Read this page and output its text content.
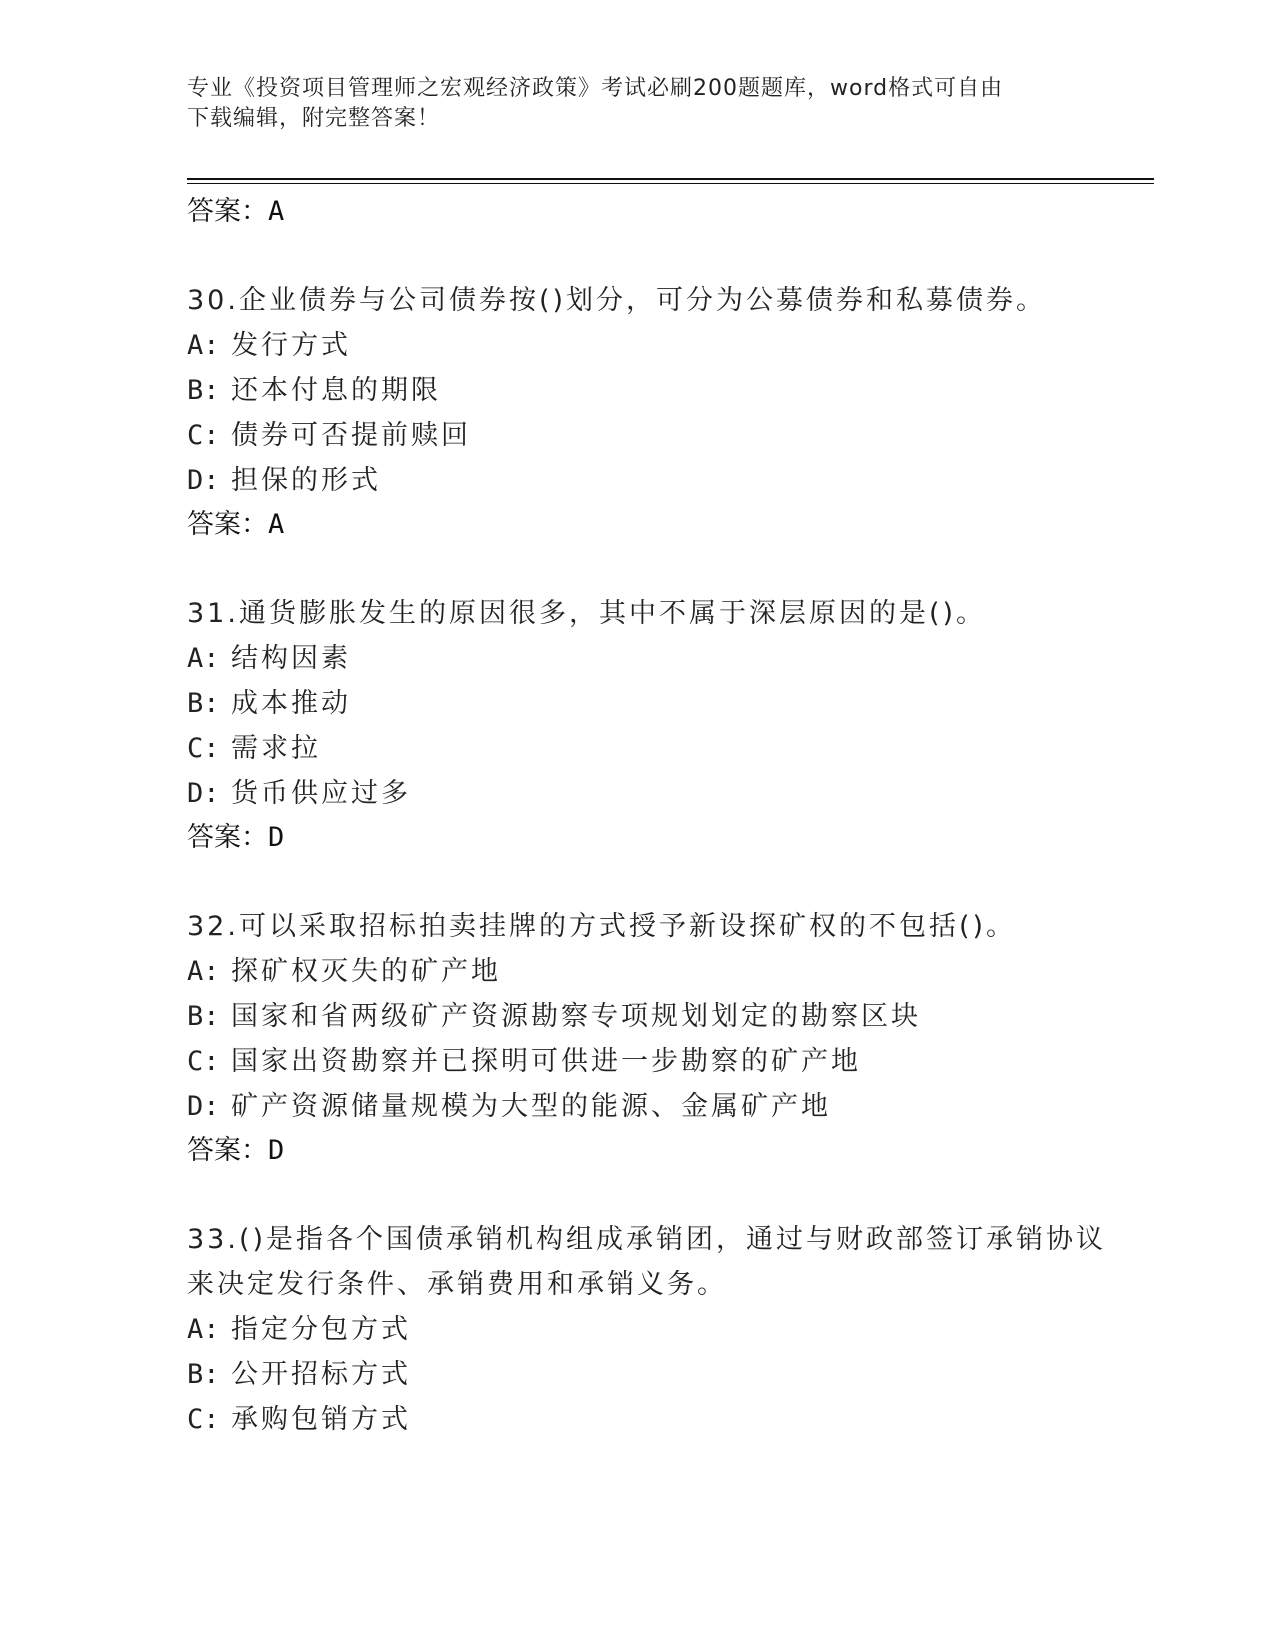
专业《投资项目管理师之宏观经济政策》考试必刷200题题库，word格式可自由
下载编辑，附完整答案！
答案：A
30.企业债券与公司债券按()划分，可分为公募债券和私募债券。
A: 发行方式
B: 还本付息的期限
C: 债券可否提前赎回
D: 担保的形式
答案：A
31.通货膨胀发生的原因很多，其中不属于深层原因的是()。
A: 结构因素
B: 成本推动
C: 需求拉
D: 货币供应过多
答案：D
32.可以采取招标拍卖挂牌的方式授予新设探矿权的不包括()。
A: 探矿权灭失的矿产地
B: 国家和省两级矿产资源勘察专项规划划定的勘察区块
C: 国家出资勘察并已探明可供进一步勘察的矿产地
D: 矿产资源储量规模为大型的能源、金属矿产地
答案：D
33.()是指各个国债承销机构组成承销团，通过与财政部签订承销协议
来决定发行条件、承销费用和承销义务。
A: 指定分包方式
B: 公开招标方式
C: 承购包销方式
